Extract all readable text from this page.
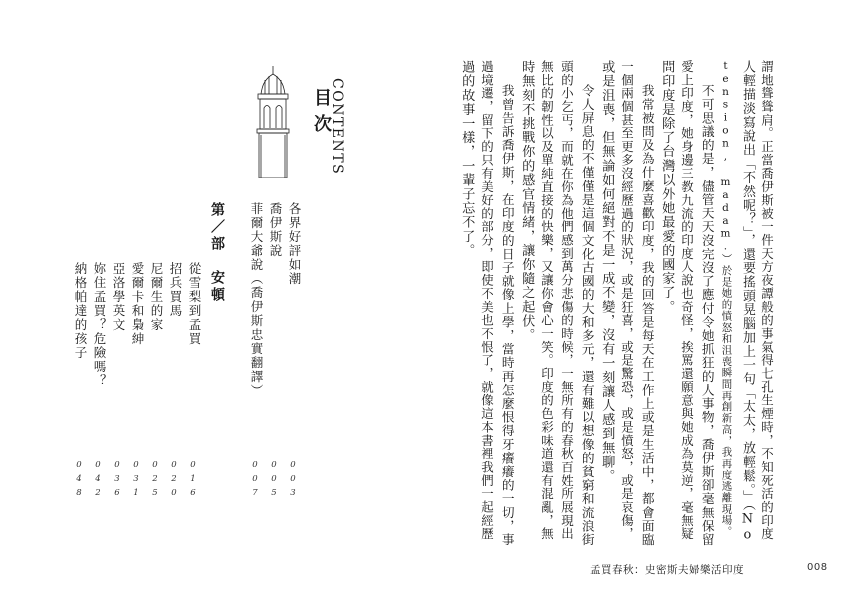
CONTENTS
目次
各界好評如潮
喬伊斯說
菲爾大爺說（喬伊斯忠實翻譯）
003
005
007
第／部　安頓
從雪梨到孟買
招兵買馬
尼爾生的家
愛爾卡和梟紳
亞洛學英文
妳住孟買？危險嗎？
納格帕達的孩子
016
020
025
031
036
042
048	謂地聳聳肩。正當喬伊斯被一件天方夜譚般的事氣得七孔生煙時，不知死活的印度
人輕描淡寫說出「不然呢？」，還要搖頭晃腦加上一句「太太，放輕鬆。」（No
tension, madam.）於是她的憤怒和沮喪瞬間再創新高，我再度逃離現場。
不可思議的是，儘管天天沒完沒了應付令她抓狂的人事物，喬伊斯卻毫無保留
愛上印度，她身邊三教九流的印度人說也奇怪，挨罵還願意與她成為莫逆，毫無疑
問印度是除了台灣以外她最愛的國家了。
我常被問及為什麼喜歡印度，我的回答是每天在工作上或是生活中，都會面臨
一個兩個甚至更多沒經歷過的狀況，或是狂喜，或是驚恐，或是憤怒，或是哀傷，
或是沮喪，但無論如何絕對不是一成不變，沒有一刻讓人感到無聊。
令人屏息的不僅僅是這個文化古國的大和多元，還有難以想像的貧窮和流浪街
頭的小乞丐，而就在你為他們感到萬分悲傷的時候，一無所有的春秋百姓所展現出
無比的韌性以及單純直接的快樂，又讓你會心一笑。印度的色彩味道還有混亂，無
時無刻不挑戰你的感官情緒，讓你隨之起伏。
我曾告訴喬伊斯，在印度的日子就像上學，當時再怎麼恨得牙癢癢的一切，事
過境遷，留下的只有美好的部分，即使不美也不恨了，就像這本書裡我們一起經歷
過的故事一樣，一輩子忘不了。
孟買春秋：史密斯夫婦樂活印度	008
